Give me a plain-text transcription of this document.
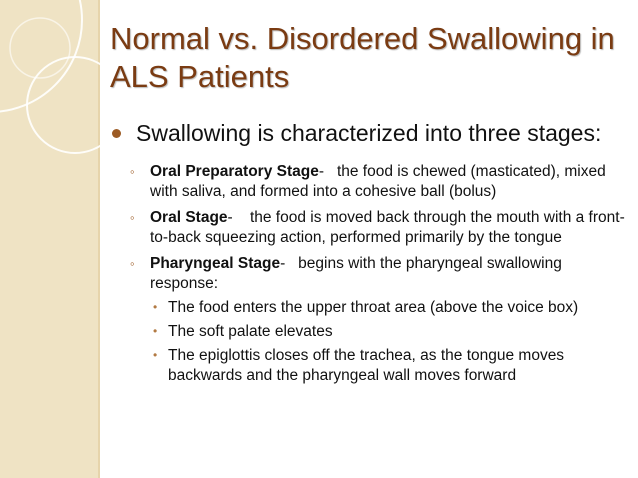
Normal vs. Disordered Swallowing in ALS Patients
Swallowing is characterized into three stages:
◦ Oral Preparatory Stage- the food is chewed (masticated), mixed with saliva, and formed into a cohesive ball (bolus)
◦ Oral Stage- the food is moved back through the mouth with a front-to-back squeezing action, performed primarily by the tongue
◦ Pharyngeal Stage- begins with the pharyngeal swallowing response:
• The food enters the upper throat area (above the voice box)
• The soft palate elevates
• The epiglottis closes off the trachea, as the tongue moves backwards and the pharyngeal wall moves forward
